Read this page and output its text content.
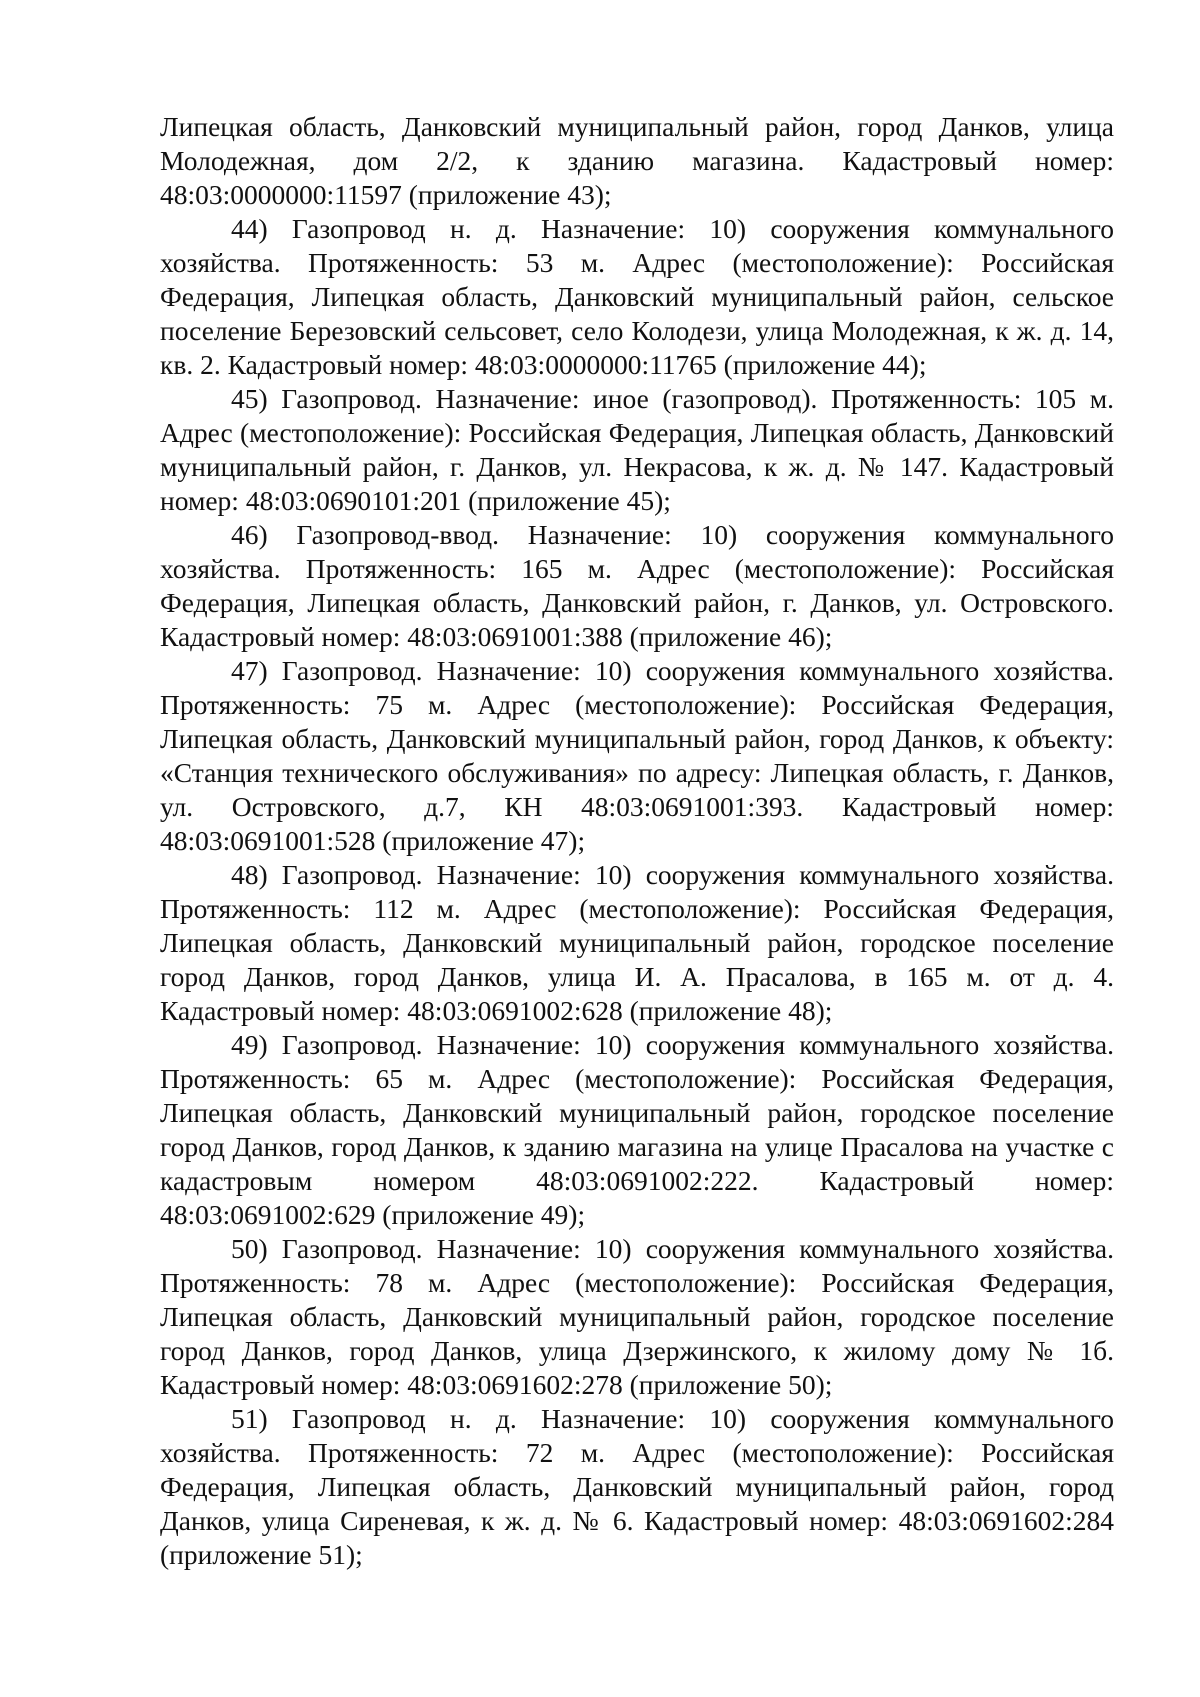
Липецкая область, Данковский муниципальный район, город Данков, улица Молодежная, дом 2/2, к зданию магазина. Кадастровый номер: 48:03:0000000:11597 (приложение 43);

44) Газопровод н. д. Назначение: 10) сооружения коммунального хозяйства. Протяженность: 53 м. Адрес (местоположение): Российская Федерация, Липецкая область, Данковский муниципальный район, сельское поселение Березовский сельсовет, село Колодези, улица Молодежная, к ж. д. 14, кв. 2. Кадастровый номер: 48:03:0000000:11765 (приложение 44);

45) Газопровод. Назначение: иное (газопровод). Протяженность: 105 м. Адрес (местоположение): Российская Федерация, Липецкая область, Данковский муниципальный район, г. Данков, ул. Некрасова, к ж. д. № 147. Кадастровый номер: 48:03:0690101:201 (приложение 45);

46) Газопровод-ввод. Назначение: 10) сооружения коммунального хозяйства. Протяженность: 165 м. Адрес (местоположение): Российская Федерация, Липецкая область, Данковский район, г. Данков, ул. Островского. Кадастровый номер: 48:03:0691001:388 (приложение 46);

47) Газопровод. Назначение: 10) сооружения коммунального хозяйства. Протяженность: 75 м. Адрес (местоположение): Российская Федерация, Липецкая область, Данковский муниципальный район, город Данков, к объекту: «Станция технического обслуживания» по адресу: Липецкая область, г. Данков, ул. Островского, д.7, КН 48:03:0691001:393. Кадастровый номер: 48:03:0691001:528 (приложение 47);

48) Газопровод. Назначение: 10) сооружения коммунального хозяйства. Протяженность: 112 м. Адрес (местоположение): Российская Федерация, Липецкая область, Данковский муниципальный район, городское поселение город Данков, город Данков, улица И. А. Прасалова, в 165 м. от д. 4. Кадастровый номер: 48:03:0691002:628 (приложение 48);

49) Газопровод. Назначение: 10) сооружения коммунального хозяйства. Протяженность: 65 м. Адрес (местоположение): Российская Федерация, Липецкая область, Данковский муниципальный район, городское поселение город Данков, город Данков, к зданию магазина на улице Прасалова на участке с кадастровым номером 48:03:0691002:222. Кадастровый номер: 48:03:0691002:629 (приложение 49);

50) Газопровод. Назначение: 10) сооружения коммунального хозяйства. Протяженность: 78 м. Адрес (местоположение): Российская Федерация, Липецкая область, Данковский муниципальный район, городское поселение город Данков, город Данков, улица Дзержинского, к жилому дому № 1б. Кадастровый номер: 48:03:0691602:278 (приложение 50);

51) Газопровод н. д. Назначение: 10) сооружения коммунального хозяйства. Протяженность: 72 м. Адрес (местоположение): Российская Федерация, Липецкая область, Данковский муниципальный район, город Данков, улица Сиреневая, к ж. д. № 6. Кадастровый номер: 48:03:0691602:284 (приложение 51);
